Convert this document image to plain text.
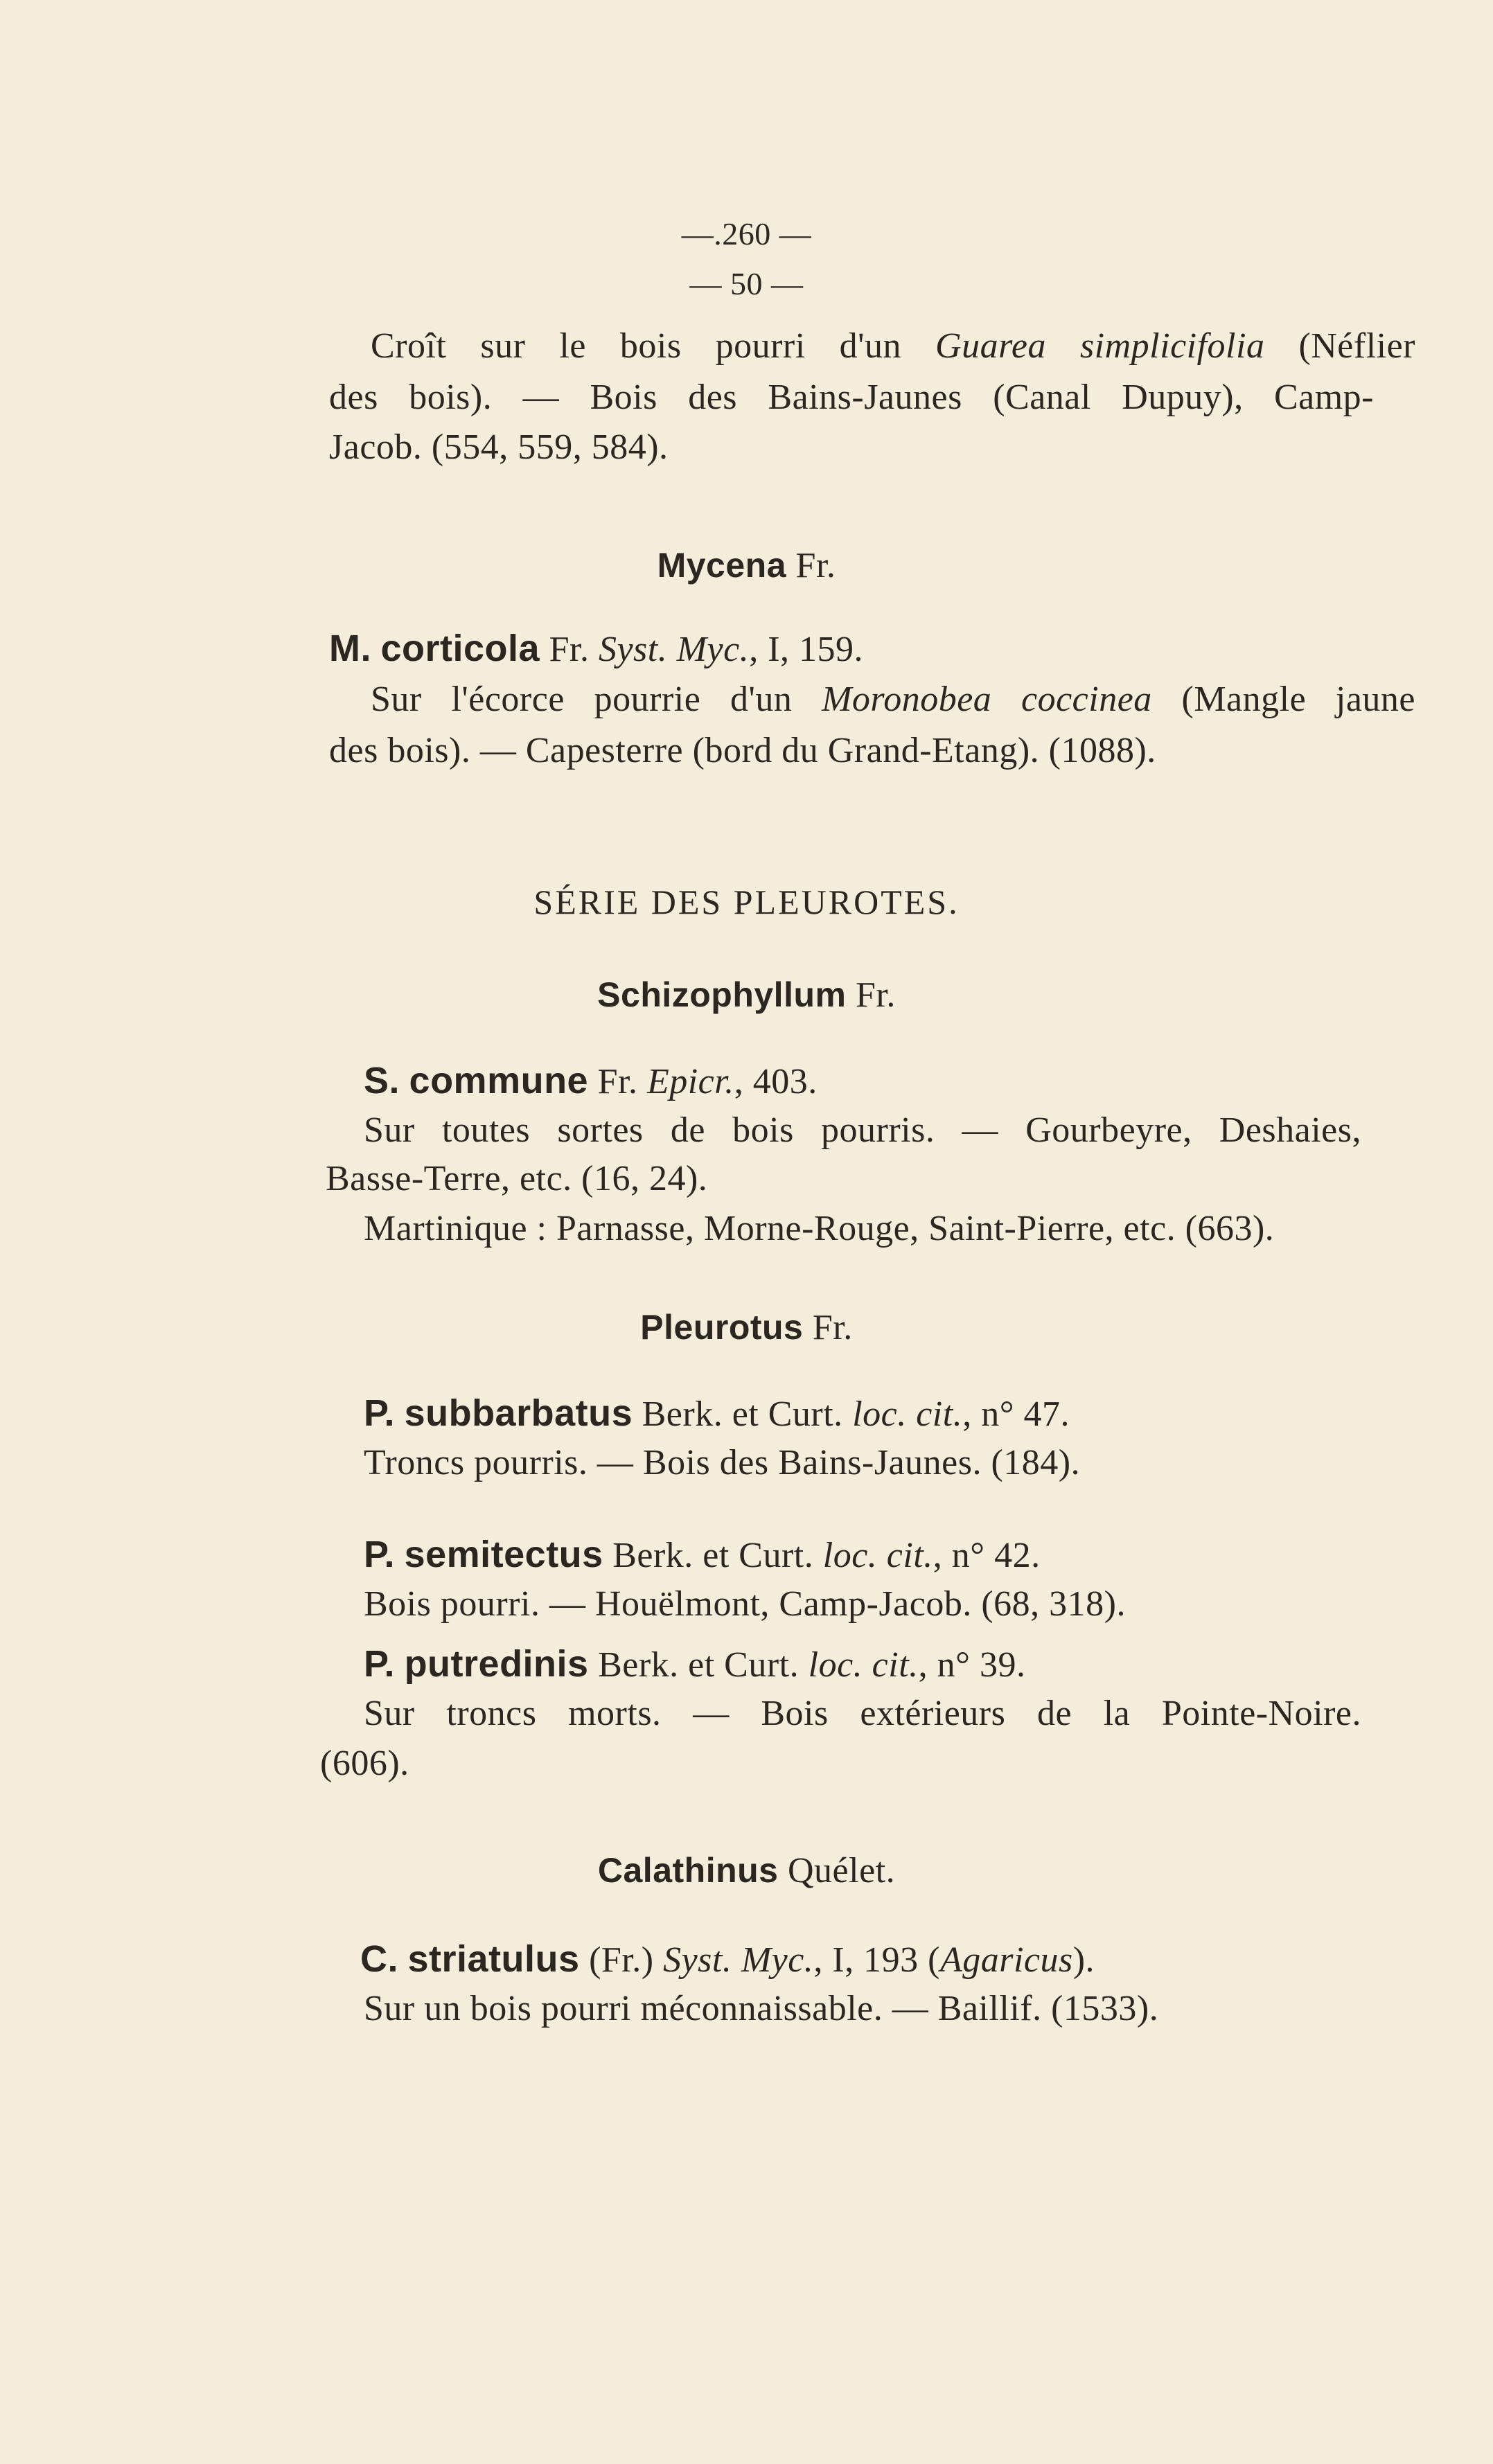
—.260 —
— 50 —
Croît sur le bois pourri d'un Guarea simplicifolia (Néflier
des bois). — Bois des Bains-Jaunes (Canal Dupuy), Camp-
Jacob. (554, 559, 584).
Mycena Fr.
M. corticola Fr. Syst. Myc., I, 159.
Sur l'écorce pourrie d'un Moronobea coccinea (Mangle jaune
des bois). — Capesterre (bord du Grand-Etang). (1088).
SÉRIE DES PLEUROTES.
Schizophyllum Fr.
S. commune Fr. Epicr., 403.
Sur toutes sortes de bois pourris. — Gourbeyre, Deshaies,
Basse-Terre, etc. (16, 24).
Martinique : Parnasse, Morne-Rouge, Saint-Pierre, etc. (663).
Pleurotus Fr.
P. subbarbatus Berk. et Curt. loc. cit., n° 47.
Troncs pourris. — Bois des Bains-Jaunes. (184).
P. semitectus Berk. et Curt. loc. cit., n° 42.
Bois pourri. — Houëlmont, Camp-Jacob. (68, 318).
P. putredinis Berk. et Curt. loc. cit., n° 39.
Sur troncs morts. — Bois extérieurs de la Pointe-Noire.
(606).
Calathinus Quélet.
C. striatulus (Fr.) Syst. Myc., I, 193 (Agaricus).
Sur un bois pourri méconnaissable. — Baillif. (1533).
